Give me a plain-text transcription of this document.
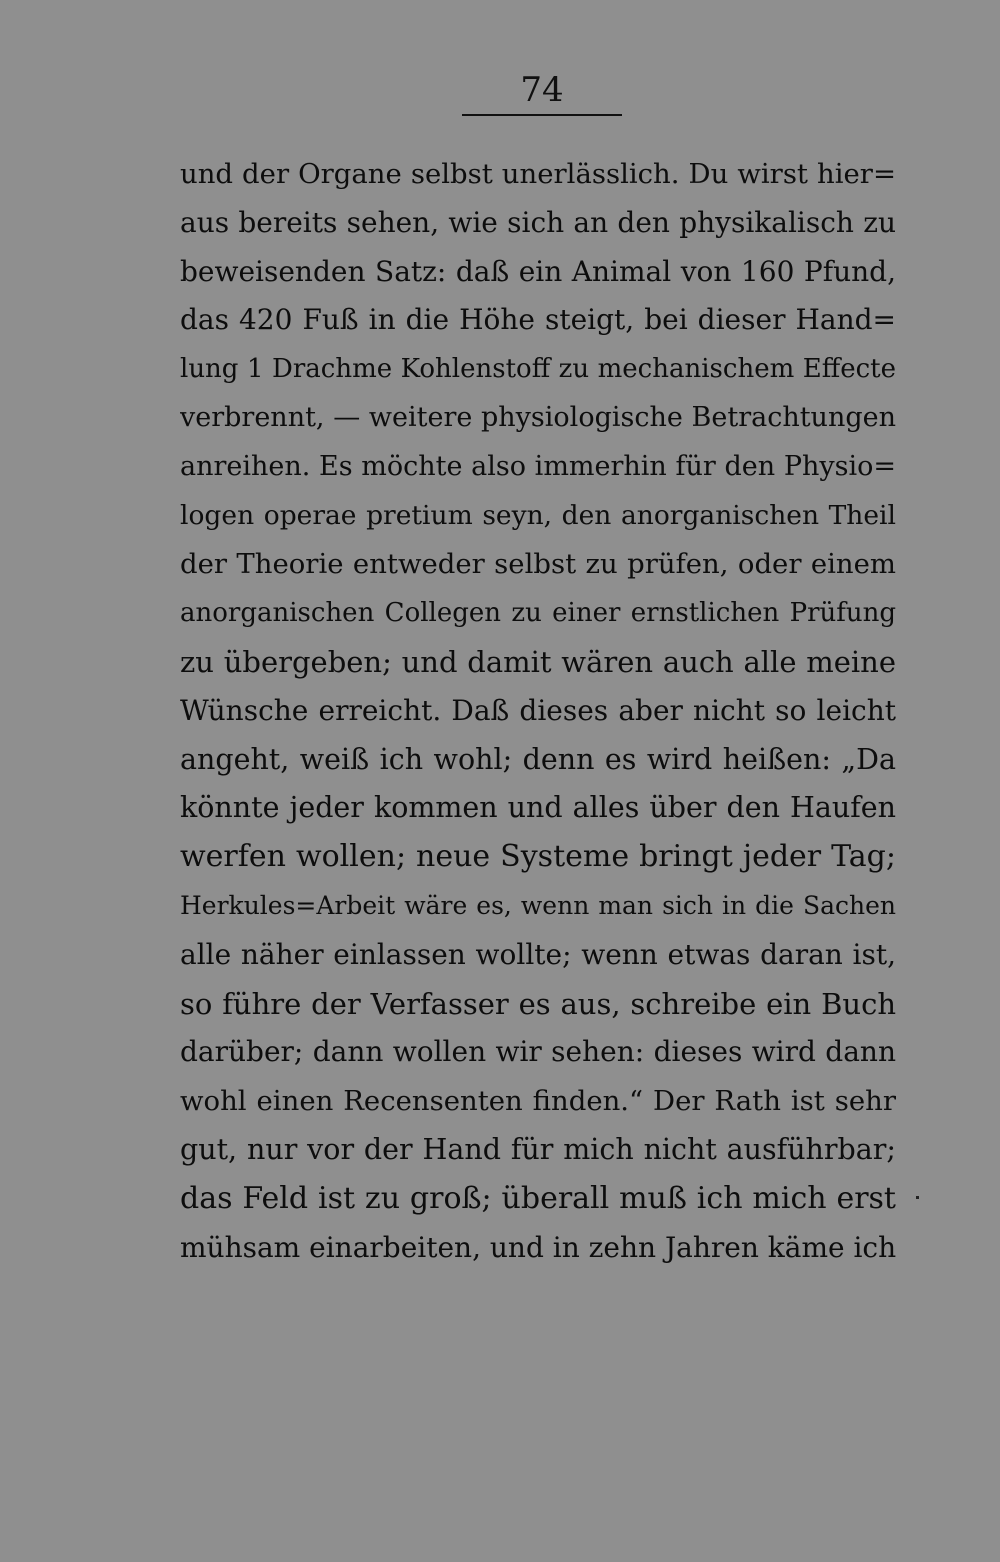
74
und der Organe selbst unerlässlich. Du wirst hier=
aus bereits sehen, wie sich an den physikalisch zu
beweisenden Satz: daß ein Animal von 160 Pfund,
das 420 Fuß in die Höhe steigt, bei dieser Hand=
lung 1 Drachme Kohlenstoff zu mechanischem Effecte
verbrennt, — weitere physiologische Betrachtungen
anreihen. Es möchte also immerhin für den Physio=
logen operae pretium seyn, den anorganischen Theil
der Theorie entweder selbst zu prüfen, oder einem
anorganischen Collegen zu einer ernstlichen Prüfung
zu übergeben; und damit wären auch alle meine
Wünsche erreicht. Daß dieses aber nicht so leicht
angeht, weiß ich wohl; denn es wird heißen: „Da
könnte jeder kommen und alles über den Haufen
werfen wollen; neue Systeme bringt jeder Tag;
Herkules=Arbeit wäre es, wenn man sich in die Sachen
alle näher einlassen wollte; wenn etwas daran ist,
so führe der Verfasser es aus, schreibe ein Buch
darüber; dann wollen wir sehen: dieses wird dann
wohl einen Recensenten finden.“ Der Rath ist sehr
gut, nur vor der Hand für mich nicht ausführbar;
das Feld ist zu groß; überall muß ich mich erst
mühsam einarbeiten, und in zehn Jahren käme ich
